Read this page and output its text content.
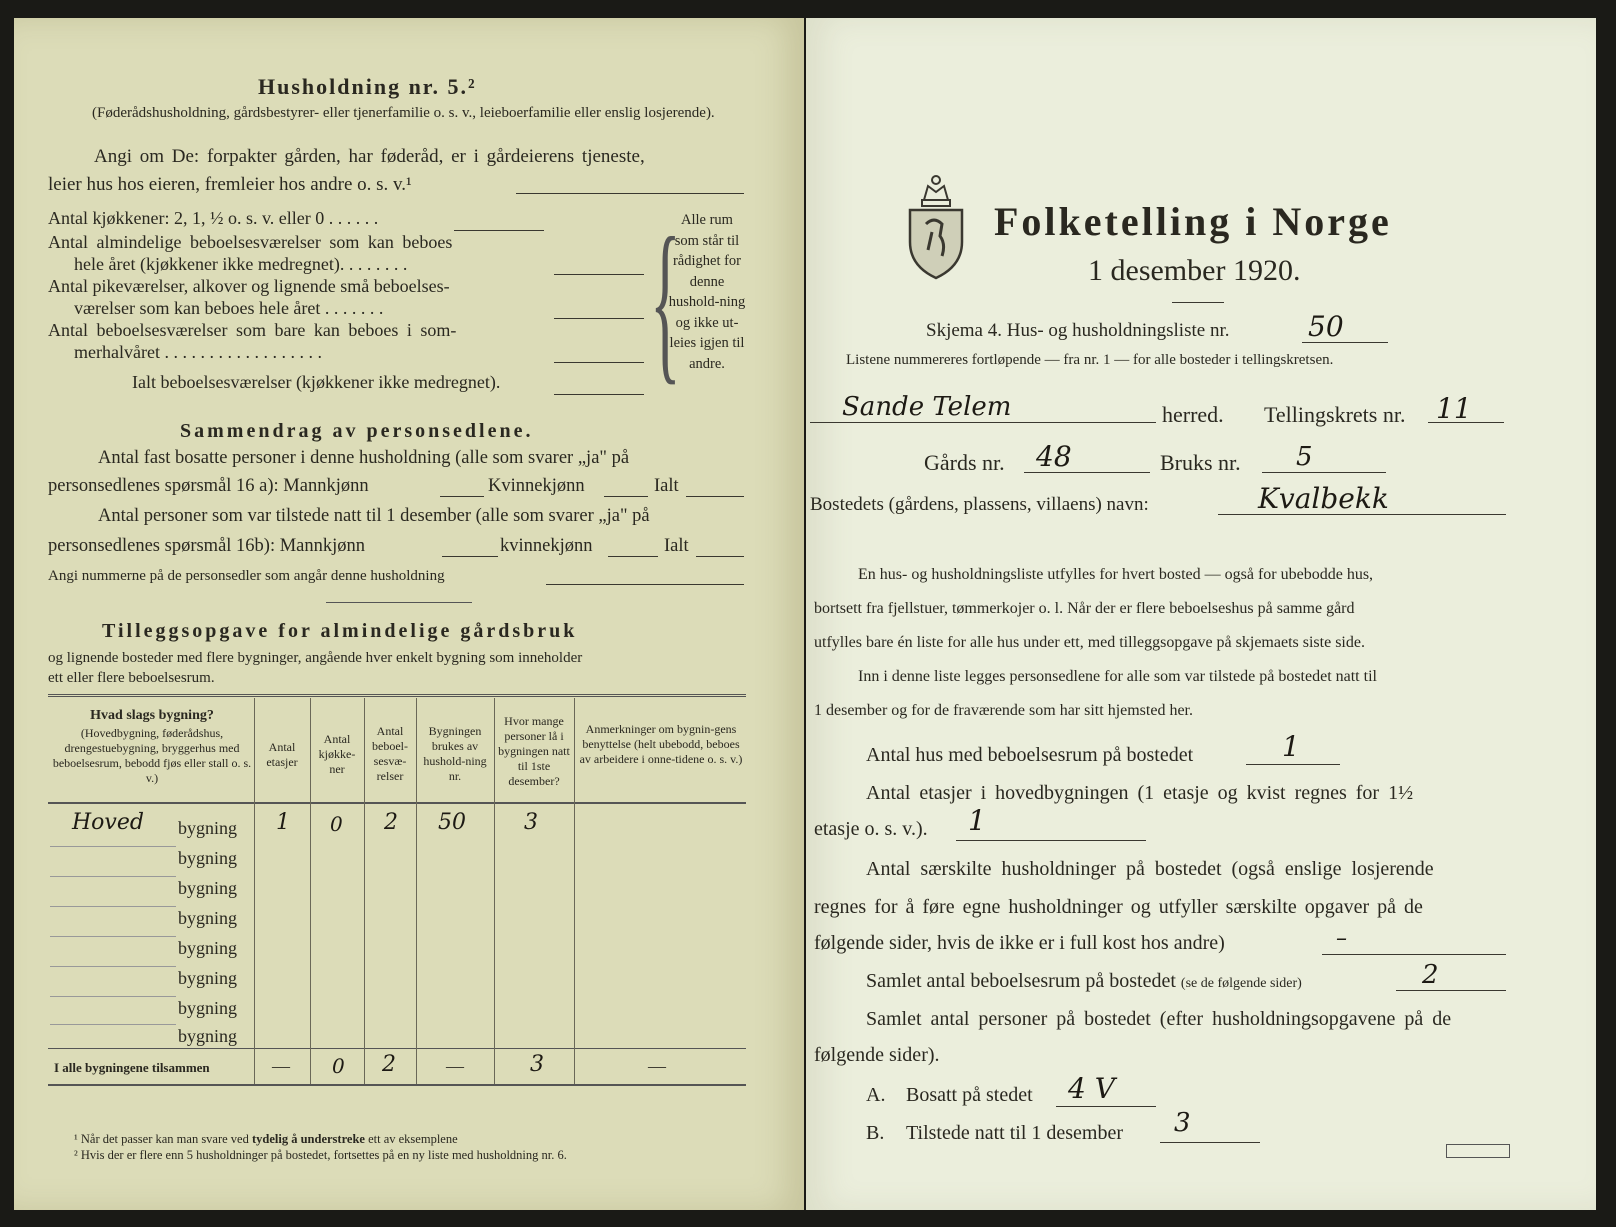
Husholdning nr. 5.²
(Føderådshusholdning, gårdsbestyrer- eller tjenerfamilie o. s. v., leieboerfamilie eller enslig losjerende).
Angi om De: forpakter gården, har føderåd, er i gårdeierens tjeneste,
leier hus hos eieren, fremleier hos andre o. s. v.¹
Antal kjøkkener: 2, 1, ½ o. s. v. eller 0 . . . . . .
Antal almindelige beboelsesværelser som kan beboes
hele året (kjøkkener ikke medregnet). . . . . . . .
Antal pikeværelser, alkover og lignende små beboelses-
værelser som kan beboes hele året . . . . . . .
Antal beboelsesværelser som bare kan beboes i som-
merhalvåret . . . . . . . . . . . . . . . . . .
Ialt beboelsesværelser (kjøkkener ikke medregnet). { Alle rum som står til rådighet for denne hushold-ning og ikke ut-leies igjen til andre.
Sammendrag av personsedlene.
Antal fast bosatte personer i denne husholdning (alle som svarer „ja" på
personsedlenes spørsmål 16 a): Mannkjønn	Kvinnekjønn	Ialt
Antal personer som var tilstede natt til 1 desember (alle som svarer „ja" på
personsedlenes spørsmål 16b): Mannkjønn	kvinnekjønn	Ialt
Angi nummerne på de personsedler som angår denne husholdning
Tilleggsopgave for almindelige gårdsbruk
og lignende bosteder med flere bygninger, angående hver enkelt bygning som inneholder
ett eller flere beboelsesrum.
Hvad slags bygning?
(Hovedbygning, føderådshus, drengestuebygning, bryggerhus med beboelsesrum, bebodd fjøs eller stall o. s. v.)
Antal etasjer
Antal kjøkke-ner
Antal beboel-sesvæ-relser
Bygningen brukes av hushold-ning nr.
Hvor mange personer lå i bygningen natt til 1ste desember?
Anmerkninger om bygnin-gens benyttelse (helt ubebodd, beboes av arbeidere i onne-tidene o. s. v.)
Hoved bygning 1 0 2 50	3
bygning
bygning
bygning
bygning
bygning
bygning
bygning
I alle bygningene tilsammen	— 0 2	—	3	—
¹ Når det passer kan man svare ved tydelig å understreke ett av eksemplene
² Hvis der er flere enn 5 husholdninger på bostedet, fortsettes på en ny liste med husholdning nr. 6.
Folketelling i Norge
1 desember 1920.
Skjema 4. Hus- og husholdningsliste nr.	50
Listene nummereres fortløpende — fra nr. 1 — for alle bosteder i tellingskretsen.
Sande Telem	herred. Tellingskrets nr. 11
Gårds nr. 48	Bruks nr. 5
Bostedets (gårdens, plassens, villaens) navn:	Kvalbekk
En hus- og husholdningsliste utfylles for hvert bosted — også for ubebodde hus,
bortsett fra fjellstuer, tømmerkojer o. l. Når der er flere beboelseshus på samme gård
utfylles bare én liste for alle hus under ett, med tilleggsopgave på skjemaets siste side.
Inn i denne liste legges personsedlene for alle som var tilstede på bostedet natt til
1 desember og for de fraværende som har sitt hjemsted her.
Antal hus med beboelsesrum på bostedet	1
Antal etasjer i hovedbygningen (1 etasje og kvist regnes for 1½
etasje o. s. v.). 1
Antal særskilte husholdninger på bostedet (også enslige losjerende
regnes for å føre egne husholdninger og utfyller særskilte opgaver på de
følgende sider, hvis de ikke er i full kost hos andre)	–
Samlet antal beboelsesrum på bostedet (se de følgende sider)	2
Samlet antal personer på bostedet (efter husholdningsopgavene på de
følgende sider).
A. Bosatt på stedet 4 V
B. Tilstede natt til 1 desember 3
